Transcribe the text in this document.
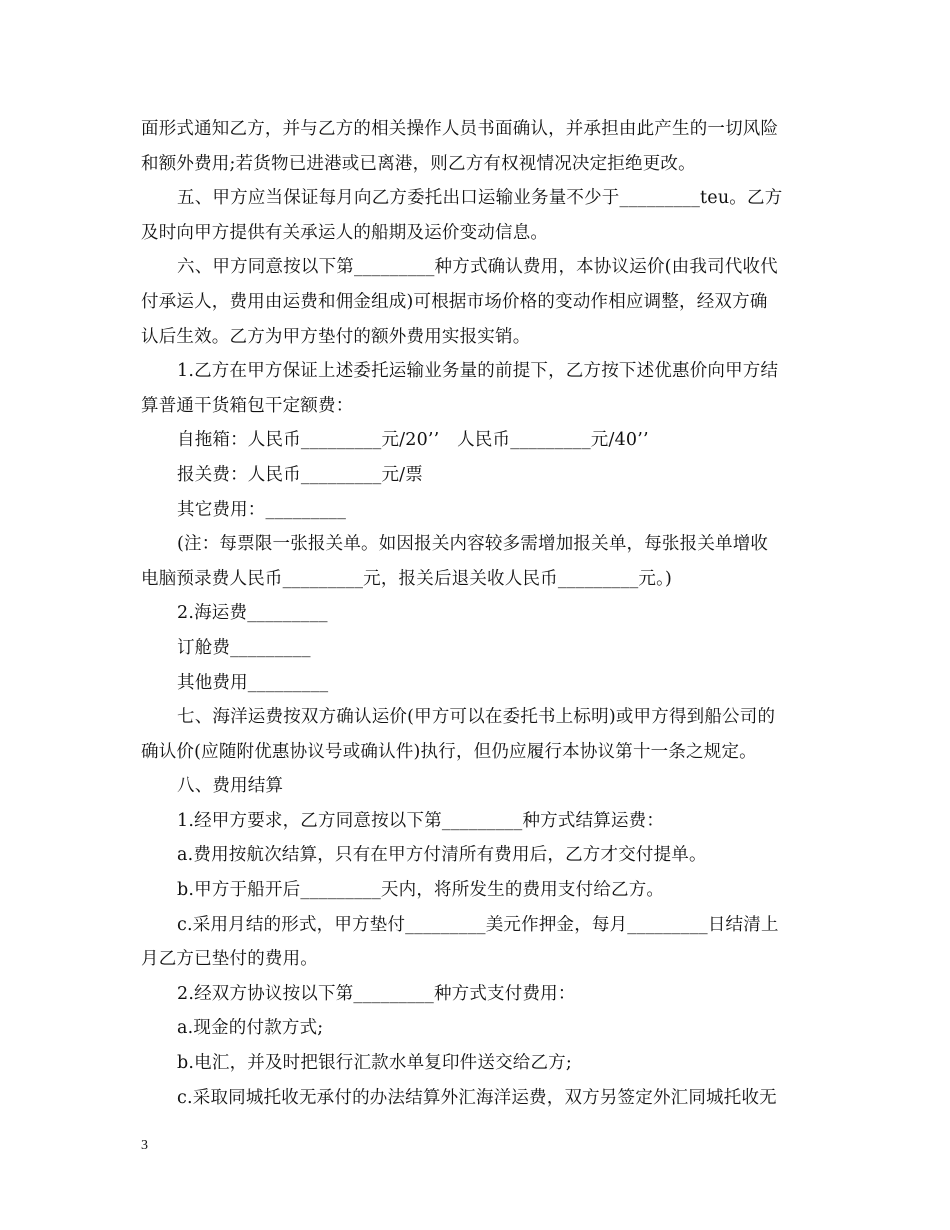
面形式通知乙方，并与乙方的相关操作人员书面确认，并承担由此产生的一切风险
和额外费用;若货物已进港或已离港，则乙方有权视情况决定拒绝更改。
五、甲方应当保证每月向乙方委托出口运输业务量不少于_________teu。乙方
及时向甲方提供有关承运人的船期及运价变动信息。
六、甲方同意按以下第_________种方式确认费用，本协议运价(由我司代收代
付承运人，费用由运费和佣金组成)可根据市场价格的变动作相应调整，经双方确
认后生效。乙方为甲方垫付的额外费用实报实销。
1.乙方在甲方保证上述委托运输业务量的前提下，乙方按下述优惠价向甲方结
算普通干货箱包干定额费：
自拖箱：人民币_________元/20’’　人民币_________元/40’’
报关费：人民币_________元/票
其它费用：_________
(注：每票限一张报关单。如因报关内容较多需增加报关单，每张报关单增收
电脑预录费人民币_________元，报关后退关收人民币_________元。)
2.海运费_________
订舱费_________
其他费用_________
七、海洋运费按双方确认运价(甲方可以在委托书上标明)或甲方得到船公司的
确认价(应随附优惠协议号或确认件)执行，但仍应履行本协议第十一条之规定。
八、费用结算
1.经甲方要求，乙方同意按以下第_________种方式结算运费：
a.费用按航次结算，只有在甲方付清所有费用后，乙方才交付提单。
b.甲方于船开后_________天内，将所发生的费用支付给乙方。
c.采用月结的形式，甲方垫付_________美元作押金，每月_________日结清上
月乙方已垫付的费用。
2.经双方协议按以下第_________种方式支付费用：
a.现金的付款方式;
b.电汇，并及时把银行汇款水单复印件送交给乙方;
c.采取同城托收无承付的办法结算外汇海洋运费，双方另签定外汇同城托收无
3
